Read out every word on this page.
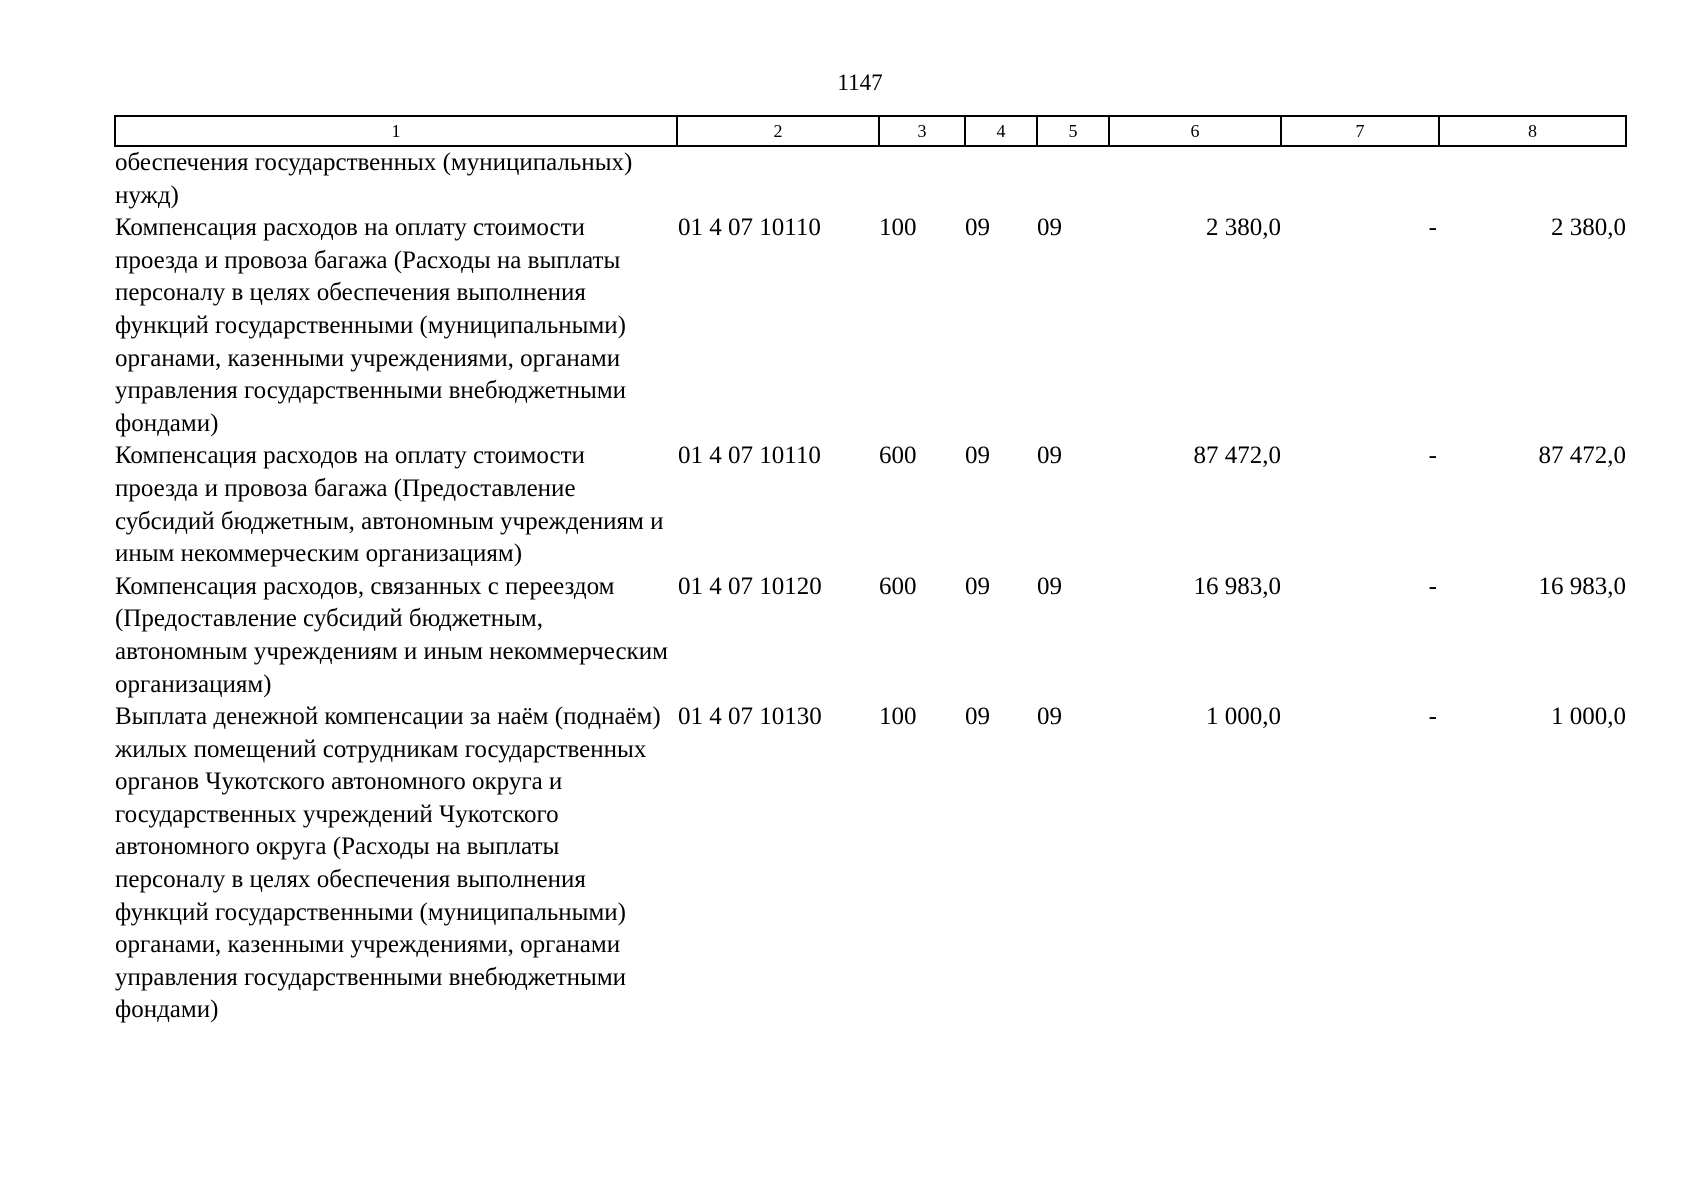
1147
1	2	3	4	5	6	7	8
обеспечения государственных (муниципальных) нужд)							
Компенсация расходов на оплату стоимости проезда и провоза багажа (Расходы на выплаты персоналу в целях обеспечения выполнения функций государственными (муниципальными) органами, казенными учреждениями, органами управления государственными внебюджетными фондами)	01 4 07 10110	100	09	09	2 380,0	-	2 380,0
Компенсация расходов на оплату стоимости проезда и провоза багажа (Предоставление субсидий бюджетным, автономным учреждениям и иным некоммерческим организациям)	01 4 07 10110	600	09	09	87 472,0	-	87 472,0
Компенсация расходов, связанных с переездом (Предоставление субсидий бюджетным, автономным учреждениям и иным некоммерческим организациям)	01 4 07 10120	600	09	09	16 983,0	-	16 983,0
Выплата денежной компенсации за наём (поднаём) жилых помещений сотрудникам государственных органов Чукотского автономного округа и государственных учреждений Чукотского автономного округа (Расходы на выплаты персоналу в целях обеспечения выполнения функций государственными (муниципальными) органами, казенными учреждениями, органами управления государственными внебюджетными фондами)	01 4 07 10130	100	09	09	1 000,0	-	1 000,0
